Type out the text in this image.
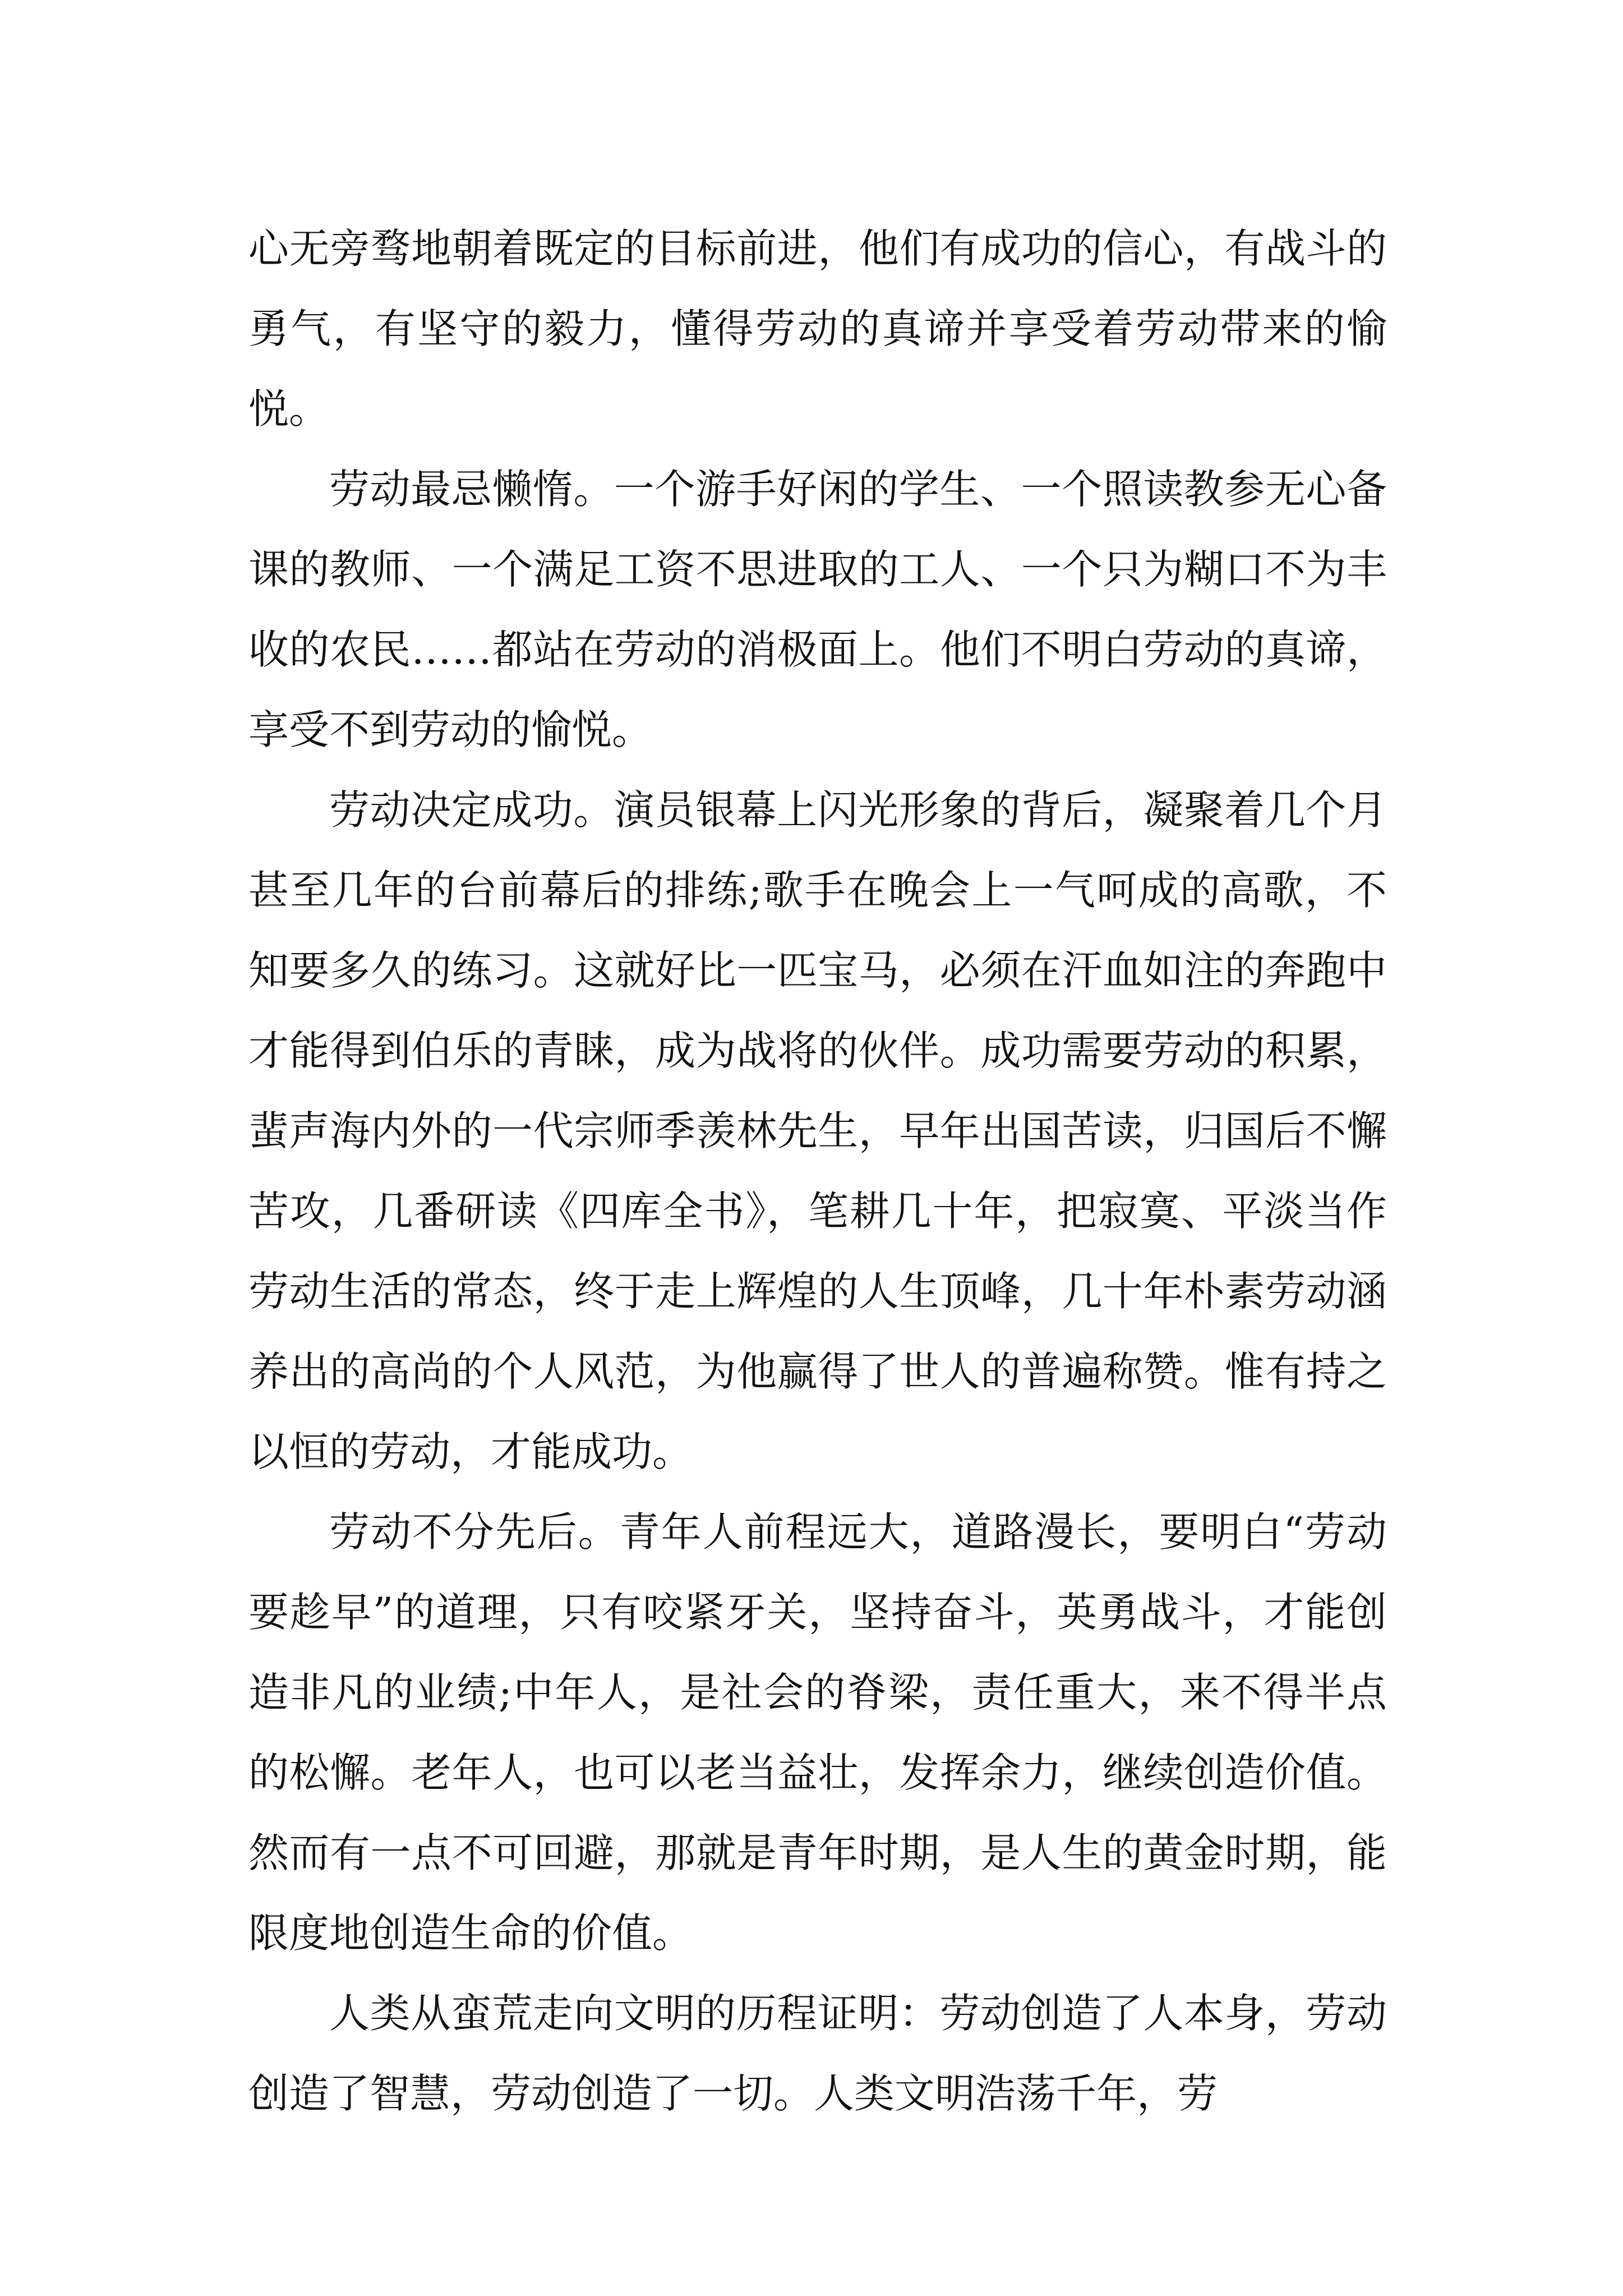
心无旁骛地朝着既定的目标前进，他们有成功的信心，有战斗的勇气，有坚守的毅力，懂得劳动的真谛并享受着劳动带来的愉悦。

劳动最忌懒惰。一个游手好闲的学生、一个照读教参无心备课的教师、一个满足工资不思进取的工人、一个只为糊口不为丰收的农民……都站在劳动的消极面上。他们不明白劳动的真谛，享受不到劳动的愉悦。

劳动决定成功。演员银幕上闪光形象的背后，凝聚着几个月甚至几年的台前幕后的排练;歌手在晚会上一气呵成的高歌，不知要多久的练习。这就好比一匹宝马，必须在汗血如注的奔跑中才能得到伯乐的青睐，成为战将的伙伴。成功需要劳动的积累，蜚声海内外的一代宗师季羡林先生，早年出国苦读，归国后不懈苦攻，几番研读《四库全书》，笔耕几十年，把寂寞、平淡当作劳动生活的常态，终于走上辉煌的人生顶峰，几十年朴素劳动涵养出的高尚的个人风范，为他赢得了世人的普遍称赞。惟有持之以恒的劳动，才能成功。

劳动不分先后。青年人前程远大，道路漫长，要明白“劳动要趁早”的道理，只有咬紧牙关，坚持奋斗，英勇战斗，才能创造非凡的业绩;中年人，是社会的脊梁，责任重大，来不得半点的松懈。老年人，也可以老当益壮，发挥余力，继续创造价值。然而有一点不可回避，那就是青年时期，是人生的黄金时期，能限度地创造生命的价值。

人类从蛮荒走向文明的历程证明：劳动创造了人本身，劳动创造了智慧，劳动创造了一切。人类文明浩荡千年，劳
